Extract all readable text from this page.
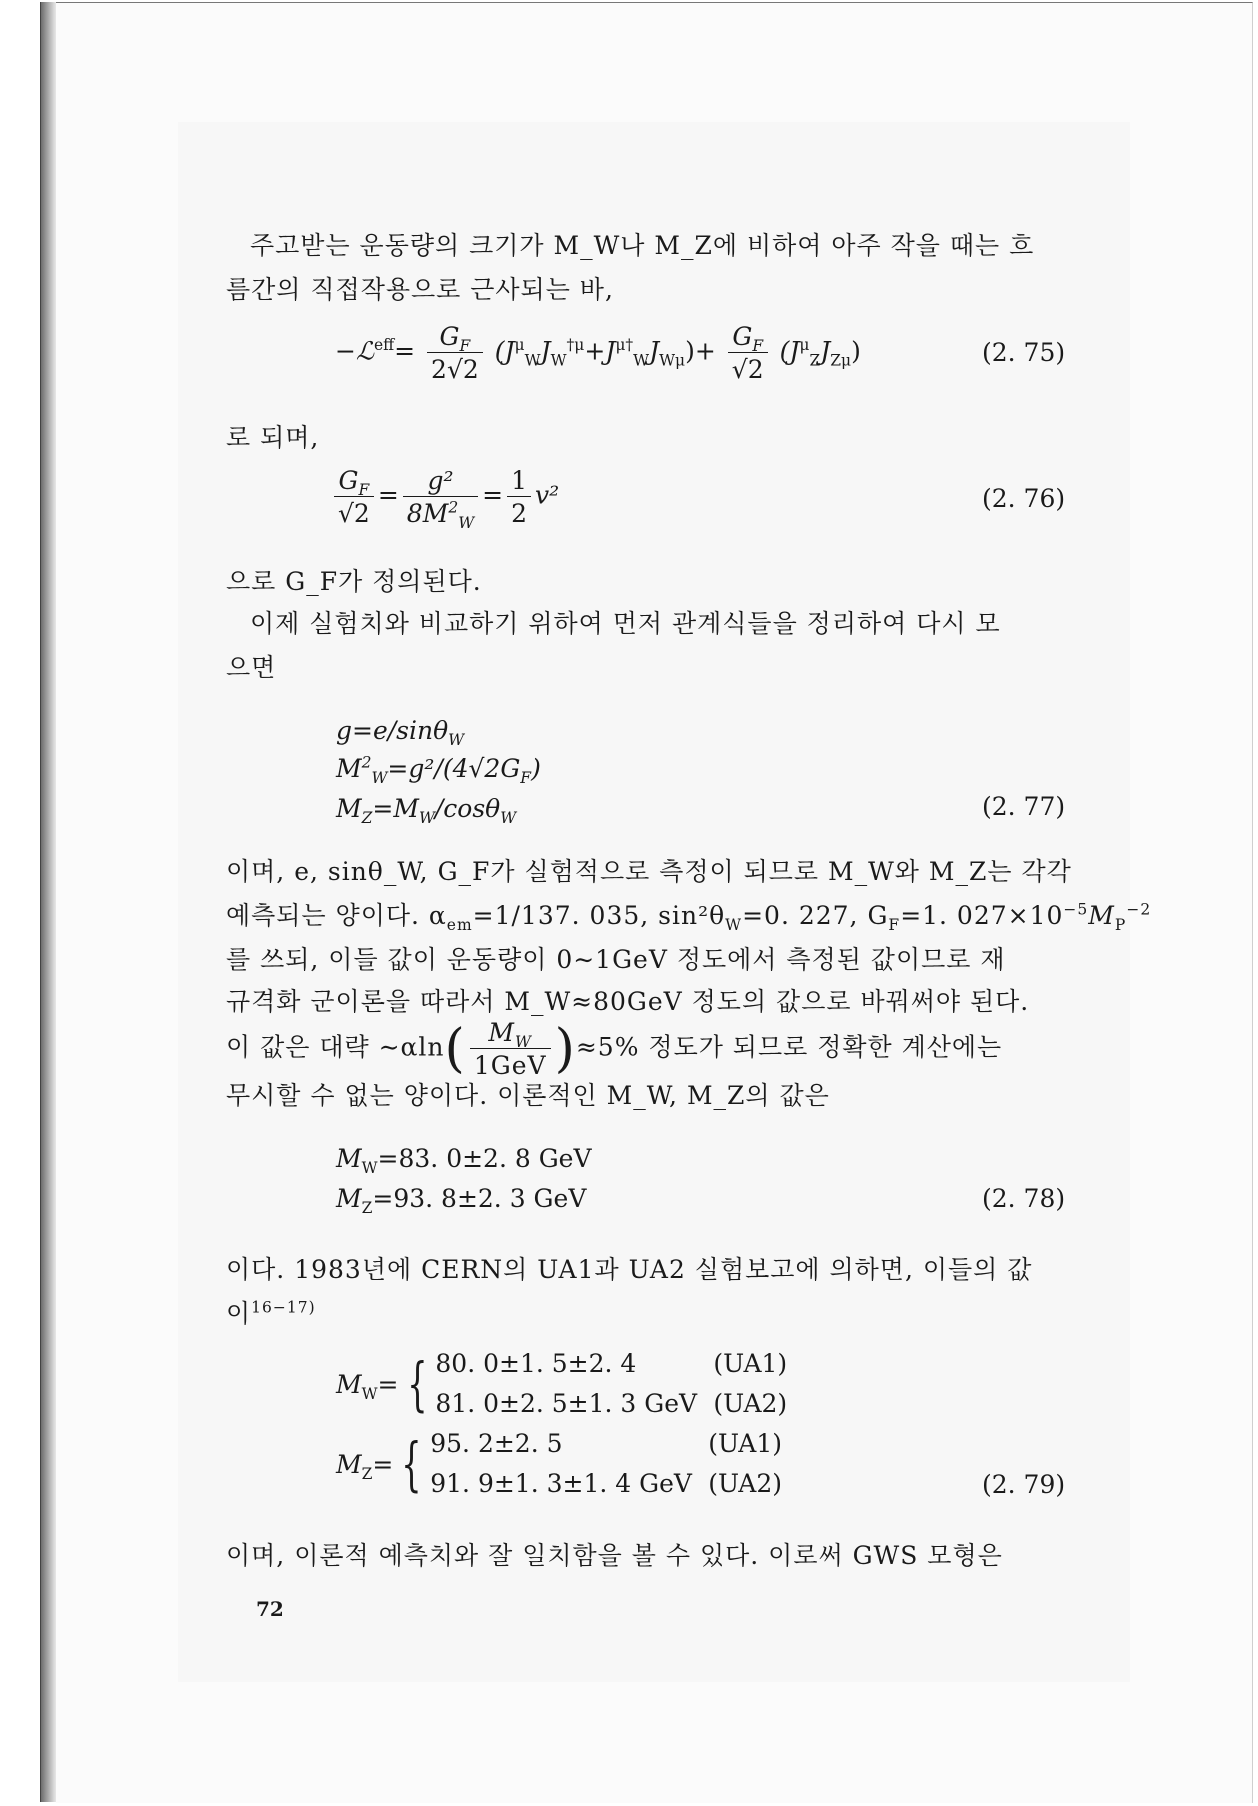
주고받는 운동량의 크기가 M_W나 M_Z에 비하여 아주 작을 때는 흐
름간의 직접작용으로 근사되는 바,
−ℒ$^{eff}$= $\frac{G_F}{2√2} (J^\mu_WJ_W^{\dagger\mu}+J^{\mu\dagger}_WJ_{W\mu})+ \frac{G_F}{√2} (J^\mu_ZJ_{Z\mu})$	(2. 75)
로 되며,
$\frac{G_F}{√2} = \frac{\text{g²}}{8M^2_W} = \frac{1}{2} v^2$	(2. 76)
으로 G_F가 정의된다.
이제 실험치와 비교하기 위하여 먼저 관계식들을 정리하여 다시 모
으면
g=e/sinθ$_W$
$M^2_W=g^2/(4√2G_F)$
$M_Z=M_W/\cos\theta_W$	(2. 77)
이며, e, sinθ_W, G_F가 실험적으로 측정이 되므로 M_W와 M_Z는 각각
예측되는 양이다. $\alpha_{em}=1/137$. 035, $\sin^2\theta_W=0$. 227, $G_F=1$. $027\times 10^{-5}M_P^{-2}$
를 쓰되, 이들 값이 운동량이 0∼1GeV 정도에서 측정된 값이므로 재
규격화 군이론을 따라서 M_W≈80GeV 정도의 값으로 바꿔써야 된다.
이 값은 대략 ∼αln( $\frac{M_W}{\text{1GeV}} )\approx 5\%$ 정도가 되므로 정확한 계산에는
무시할 수 없는 양이다. 이론적인 M_W, M_Z의 값은
$M_W=83$. 0±2. 8 GeV
$M_Z=93$. 8±2. 3 GeV	(2. 78)
이다. 1983년에 CERN의 UA1과 UA2 실험보고에 의하면, 이들의 값
이$^{16-17)}$
$M_W=$ { 80. 0±1. 5±2. 4	(UA1)
81. 0±2. 5±1. 3 GeV (UA2)
$M_Z=$ { 95. 2±2. 5	(UA1)
91. 9±1. 3±1. 4 GeV (UA2)	(2. 79)
이며, 이론적 예측치와 잘 일치함을 볼 수 있다. 이로써 GWS 모형은
72
